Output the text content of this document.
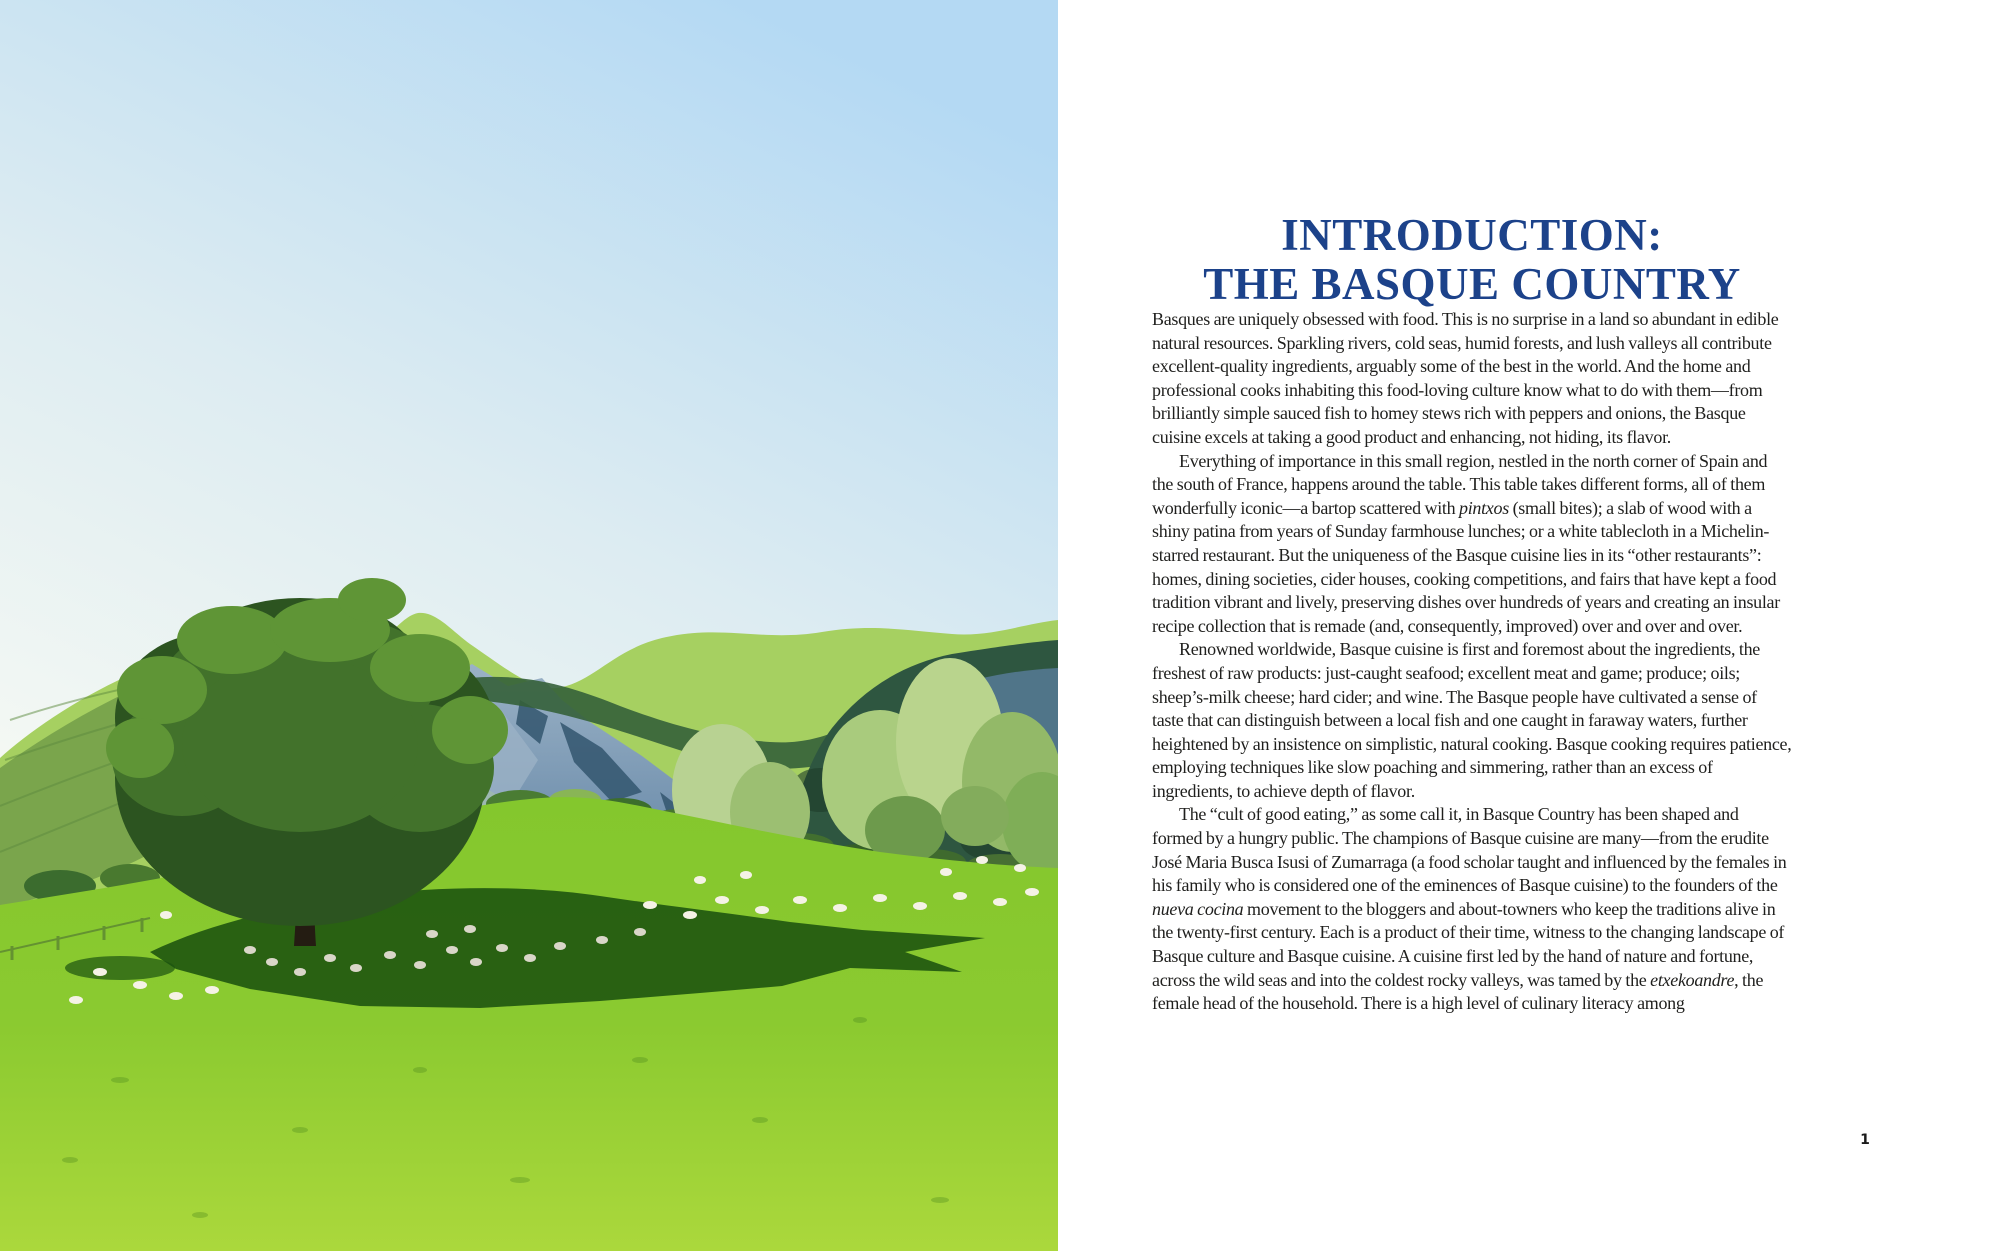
INTRODUCTION:
THE BASQUE COUNTRY

Basques are uniquely obsessed with food. This is no surprise in a land so abundant in edible natural resources. Sparkling rivers, cold seas, humid forests, and lush valleys all contribute excellent-quality ingredients, arguably some of the best in the world. And the home and professional cooks inhabiting this food-loving culture know what to do with them—from brilliantly simple sauced fish to homey stews rich with peppers and onions, the Basque cuisine excels at taking a good product and enhancing, not hiding, its flavor.

Everything of importance in this small region, nestled in the north corner of Spain and the south of France, happens around the table. This table takes different forms, all of them wonderfully iconic—a bartop scattered with pintxos (small bites); a slab of wood with a shiny patina from years of Sunday farmhouse lunches; or a white tablecloth in a Michelin-starred restaurant. But the uniqueness of the Basque cuisine lies in its “other restaurants”: homes, dining societies, cider houses, cooking competitions, and fairs that have kept a food tradition vibrant and lively, preserving dishes over hundreds of years and creating an insular recipe collection that is remade (and, consequently, improved) over and over and over.

Renowned worldwide, Basque cuisine is first and foremost about the ingredients, the freshest of raw products: just-caught seafood; excellent meat and game; produce; oils; sheep’s-milk cheese; hard cider; and wine. The Basque people have cultivated a sense of taste that can distinguish between a local fish and one caught in faraway waters, further heightened by an insistence on simplistic, natural cooking. Basque cooking requires patience, employing techniques like slow poaching and simmering, rather than an excess of ingredients, to achieve depth of flavor.

The “cult of good eating,” as some call it, in Basque Country has been shaped and formed by a hungry public. The champions of Basque cuisine are many—from the erudite José Maria Busca Isusi of Zumarraga (a food scholar taught and influenced by the females in his family who is considered one of the eminences of Basque cuisine) to the founders of the nueva cocina movement to the bloggers and about-towners who keep the traditions alive in the twenty-first century. Each is a product of their time, witness to the changing landscape of Basque culture and Basque cuisine. A cuisine first led by the hand of nature and fortune, across the wild seas and into the coldest rocky valleys, was tamed by the etxekoandre, the female head of the household. There is a high level of culinary literacy among

1
